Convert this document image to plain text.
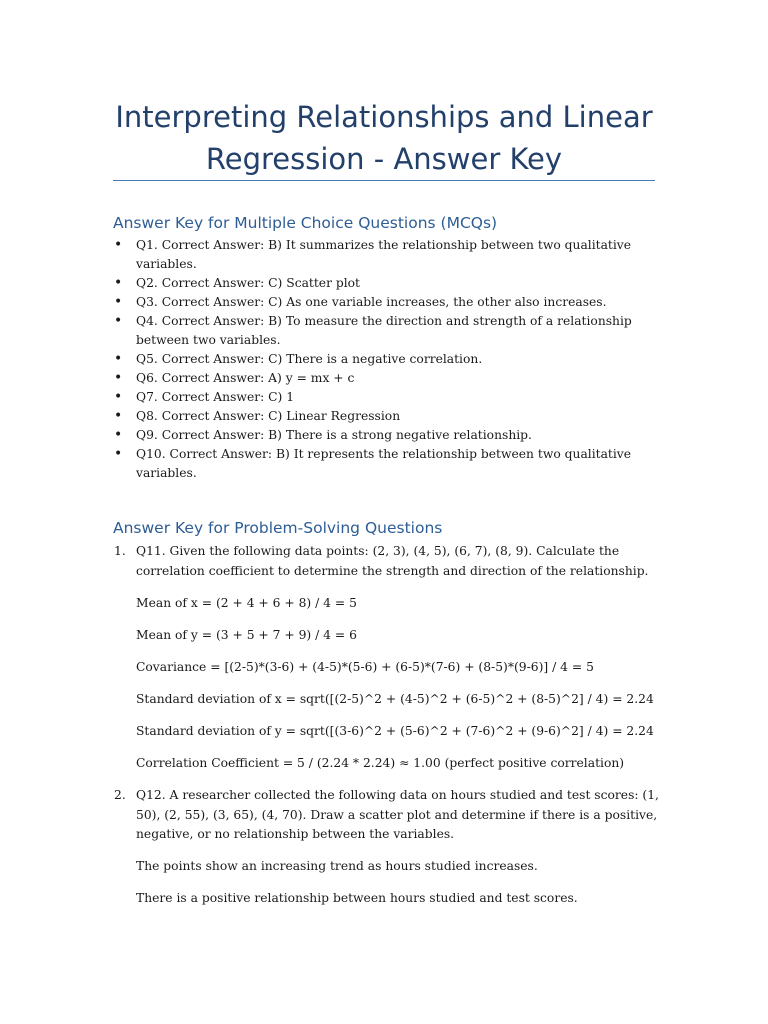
Interpreting Relationships and Linear Regression - Answer Key
Answer Key for Multiple Choice Questions (MCQs)
• Q1. Correct Answer: B) It summarizes the relationship between two qualitative variables.
• Q2. Correct Answer: C) Scatter plot
• Q3. Correct Answer: C) As one variable increases, the other also increases.
• Q4. Correct Answer: B) To measure the direction and strength of a relationship between two variables.
• Q5. Correct Answer: C) There is a negative correlation.
• Q6. Correct Answer: A) y = mx + c
• Q7. Correct Answer: C) 1
• Q8. Correct Answer: C) Linear Regression
• Q9. Correct Answer: B) There is a strong negative relationship.
• Q10. Correct Answer: B) It represents the relationship between two qualitative variables.
Answer Key for Problem-Solving Questions
1. Q11. Given the following data points: (2, 3), (4, 5), (6, 7), (8, 9). Calculate the correlation coefficient to determine the strength and direction of the relationship.
Mean of x = (2 + 4 + 6 + 8) / 4 = 5
Mean of y = (3 + 5 + 7 + 9) / 4 = 6
Covariance = [(2-5)*(3-6) + (4-5)*(5-6) + (6-5)*(7-6) + (8-5)*(9-6)] / 4 = 5
Standard deviation of x = sqrt([(2-5)^2 + (4-5)^2 + (6-5)^2 + (8-5)^2] / 4) = 2.24
Standard deviation of y = sqrt([(3-6)^2 + (5-6)^2 + (7-6)^2 + (9-6)^2] / 4) = 2.24
Correlation Coefficient = 5 / (2.24 * 2.24) ≈ 1.00 (perfect positive correlation)
2. Q12. A researcher collected the following data on hours studied and test scores: (1, 50), (2, 55), (3, 65), (4, 70). Draw a scatter plot and determine if there is a positive, negative, or no relationship between the variables.
The points show an increasing trend as hours studied increases.
There is a positive relationship between hours studied and test scores.
